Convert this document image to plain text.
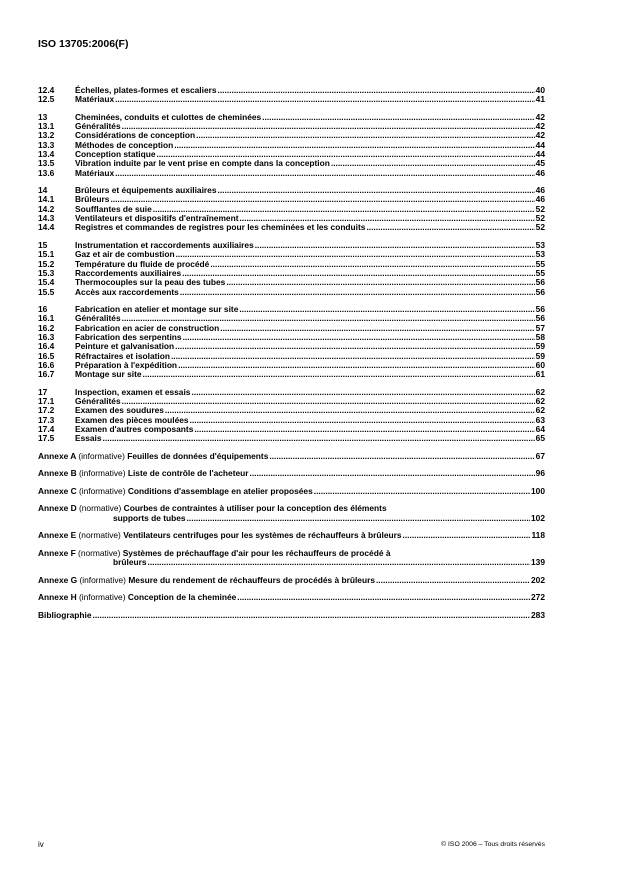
ISO 13705:2006(F)
12.4	Échelles, plates-formes et escaliers .....	40
12.5	Matériaux .....	41
13	Cheminées, conduits et culottes de cheminées .....	42
13.1	Généralités .....	42
13.2	Considérations de conception .....	42
13.3	Méthodes de conception .....	44
13.4	Conception statique .....	44
13.5	Vibration induite par le vent prise en compte dans la conception .....	45
13.6	Matériaux .....	46
14	Brûleurs et équipements auxiliaires .....	46
14.1	Brûleurs .....	46
14.2	Soufflantes de suie .....	52
14.3	Ventilateurs et dispositifs d'entraînement .....	52
14.4	Registres et commandes de registres pour les cheminées et les conduits .....	52
15	Instrumentation et raccordements auxiliaires .....	53
15.1	Gaz et air de combustion .....	53
15.2	Température du fluide de procédé .....	55
15.3	Raccordements auxiliaires .....	55
15.4	Thermocouples sur la peau des tubes .....	56
15.5	Accès aux raccordements .....	56
16	Fabrication en atelier et montage sur site .....	56
16.1	Généralités .....	56
16.2	Fabrication en acier de construction .....	57
16.3	Fabrication des serpentins .....	58
16.4	Peinture et galvanisation .....	59
16.5	Réfractaires et isolation .....	59
16.6	Préparation à l'expédition .....	60
16.7	Montage sur site .....	61
17	Inspection, examen et essais .....	62
17.1	Généralités .....	62
17.2	Examen des soudures .....	62
17.3	Examen des pièces moulées .....	63
17.4	Examen d'autres composants .....	64
17.5	Essais .....	65
Annexe A (informative) Feuilles de données d'équipements .....	67
Annexe B (informative) Liste de contrôle de l'acheteur .....	96
Annexe C (informative) Conditions d'assemblage en atelier proposées .....	100
Annexe D (normative) Courbes de contraintes à utiliser pour la conception des éléments
supports de tubes .....	102
Annexe E (normative) Ventilateurs centrifuges pour les systèmes de réchauffeurs à brûleurs .....	118
Annexe F (normative) Systèmes de préchauffage d'air pour les réchauffeurs de procédé à
brûleurs .....	139
Annexe G (informative) Mesure du rendement de réchauffeurs de procédés à brûleurs .....	202
Annexe H (informative) Conception de la cheminée .....	272
Bibliographie .....	283
iv	© ISO 2006 – Tous droits réservés
